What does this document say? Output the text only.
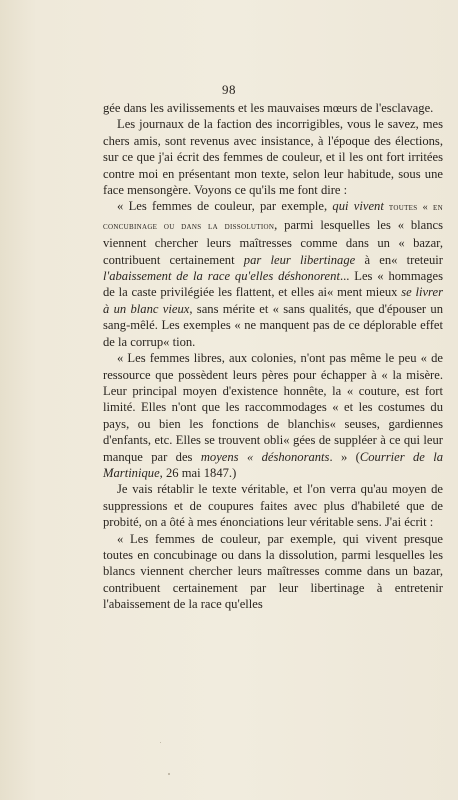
98

gée dans les avilissements et les mauvaises mœurs de l'esclavage.

Les journaux de la faction des incorrigibles, vous le savez, mes chers amis, sont revenus avec insistance, à l'époque des élections, sur ce que j'ai écrit des femmes de couleur, et il les ont fort irritées contre moi en présentant mon texte, selon leur habitude, sous une face mensongère. Voyons ce qu'ils me font dire :

« Les femmes de couleur, par exemple, qui vivent toutes « en concubinage ou dans la dissolution, parmi lesquelles les « blancs viennent chercher leurs maîtresses comme dans un « bazar, contribuent certainement par leur libertinage à en« treteuir l'abaissement de la race qu'elles déshonorent... Les « hommages de la caste privilégiée les flattent, et elles ai« ment mieux se livrer à un blanc vieux, sans mérite et « sans qualités, que d'épouser un sang-mêlé. Les exemples « ne manquent pas de ce déplorable effet de la corrup« tion.

« Les femmes libres, aux colonies, n'ont pas même le peu « de ressource que possèdent leurs pères pour échapper à « la misère. Leur principal moyen d'existence honnête, la « couture, est fort limité. Elles n'ont que les raccommodages « et les costumes du pays, ou bien les fonctions de blanchis« seuses, gardiennes d'enfants, etc. Elles se trouvent obli« gées de suppléer à ce qui leur manque par des moyens « déshonorants. » (Courrier de la Martinique, 26 mai 1847.)

Je vais rétablir le texte véritable, et l'on verra qu'au moyen de suppressions et de coupures faites avec plus d'habileté que de probité, on a ôté à mes énonciations leur véritable sens. J'ai écrit :

« Les femmes de couleur, par exemple, qui vivent presque toutes en concubinage ou dans la dissolution, parmi lesquelles les blancs viennent chercher leurs maîtresses comme dans un bazar, contribuent certainement par leur libertinage à entretenir l'abaissement de la race qu'elles
